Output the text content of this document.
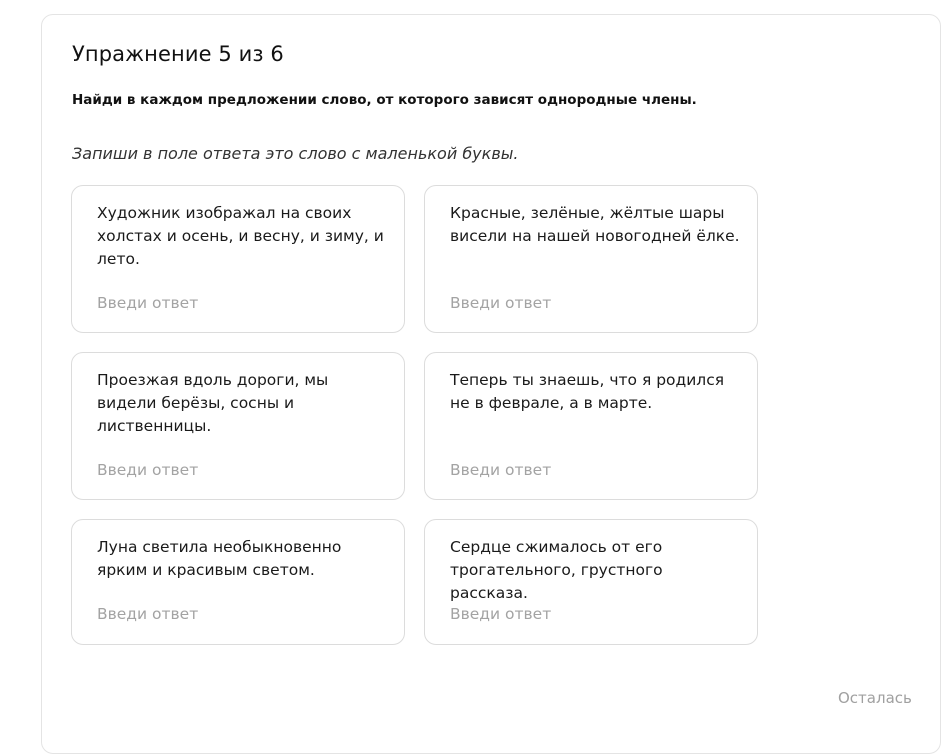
Упражнение 5 из 6
Найди в каждом предложении слово, от которого зависят однородные члены.
Запиши в поле ответа это слово с маленькой буквы.
Художник изображал на своих холстах и осень, и весну, и зиму, и лето.
Введи ответ
Красные, зелёные, жёлтые шары висели на нашей новогодней ёлке.
Введи ответ
Проезжая вдоль дороги, мы видели берёзы, сосны и лиственницы.
Введи ответ
Теперь ты знаешь, что я родился не в феврале, а в марте.
Введи ответ
Луна светила необыкновенно ярким и красивым светом.
Введи ответ
Сердце сжималось от его трогательного, грустного рассказа.
Введи ответ
Осталась
